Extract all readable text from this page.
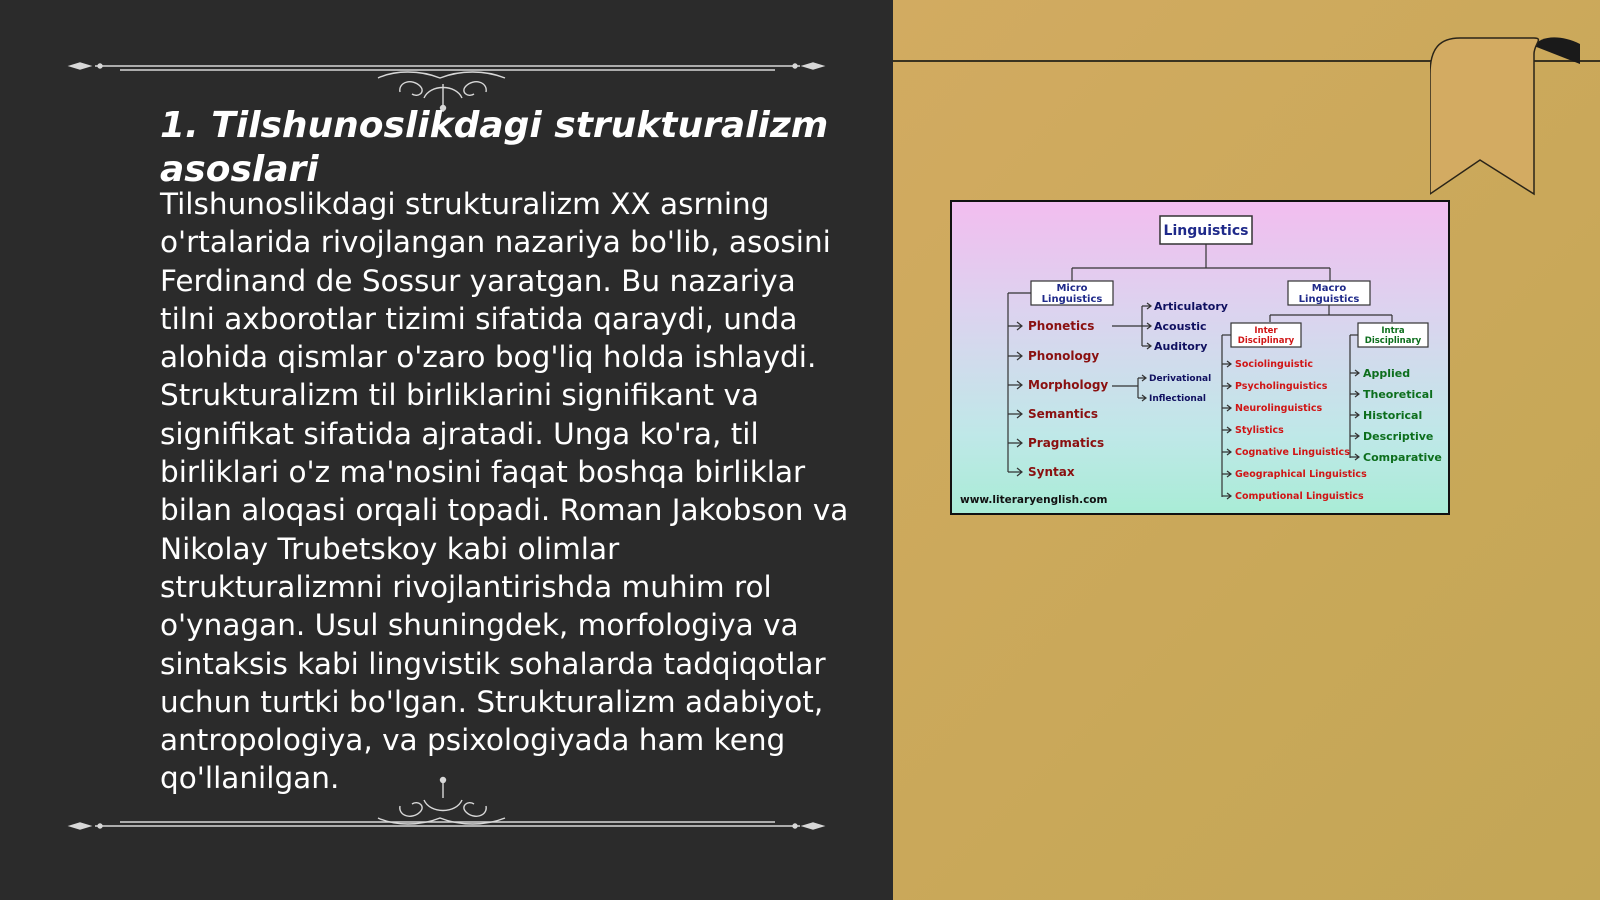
1. Tilshunoslikdagi strukturalizm asoslari

Tilshunoslikdagi strukturalizm XX asrning o'rtalarida rivojlangan nazariya bo'lib, asosini Ferdinand de Sossur yaratgan. Bu nazariya tilni axborotlar tizimi sifatida qaraydi, unda alohida qismlar o'zaro bog'liq holda ishlaydi. Strukturalizm til birliklarini signifikant va signifikat sifatida ajratadi. Unga ko'ra, til birliklari o'z ma'nosini faqat boshqa birliklar bilan aloqasi orqali topadi. Roman Jakobson va Nikolay Trubetskoy kabi olimlar strukturalizmni rivojlantirishda muhim rol o'ynagan. Usul shuningdek, morfologiya va sintaksis kabi lingvistik sohalarda tadqiqotlar uchun turtki bo'lgan. Strukturalizm adabiyot, antropologiya, va psixologiyada ham keng qo'llanilgan.

Linguistics
Micro
Linguistics
Macro
Linguistics
Phonetics
Phonology
Morphology
Semantics
Pragmatics
Syntax
Articulatory
Acoustic
Auditory
Derivational
Inflectional
Inter
Disciplinary
Intra
Disciplinary
Sociolinguistic
Psycholinguistics
Neurolinguistics
Stylistics
Cognative Linguistics
Geographical Linguistics
Computional Linguistics
Applied
Theoretical
Historical
Descriptive
Comparative
www.literaryenglish.com
